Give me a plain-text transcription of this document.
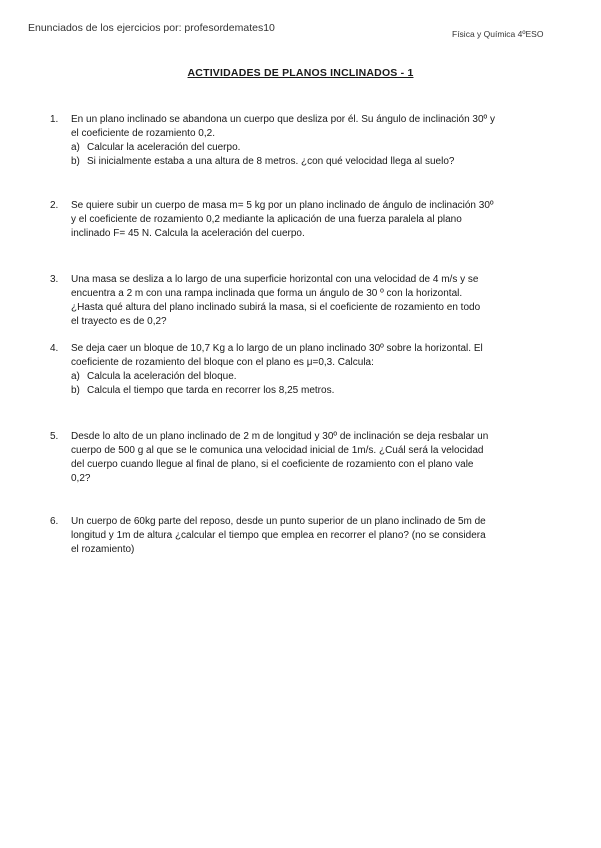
Enunciados de los ejercicios por: profesordemates10	Física y Química 4ºESO
ACTIVIDADES DE PLANOS INCLINADOS - 1
1.	En un plano inclinado se abandona un cuerpo que desliza por él. Su ángulo de inclinación 30º y
el coeficiente de rozamiento 0,2.
a) Calcular la aceleración del cuerpo.
b) Si inicialmente estaba a una altura de 8 metros. ¿con qué velocidad llega al suelo?
2.	Se quiere subir un cuerpo de masa m= 5 kg por un plano inclinado de ángulo de inclinación 30º
y el coeficiente de rozamiento 0,2 mediante la aplicación de una fuerza paralela al plano
inclinado F= 45 N. Calcula la aceleración del cuerpo.
3.	Una masa se desliza a lo largo de una superficie horizontal con una velocidad de 4 m/s y se
encuentra a 2 m con una rampa inclinada que forma un ángulo de 30 º con la horizontal.
¿Hasta qué altura del plano inclinado subirá la masa, si el coeficiente de rozamiento en todo
el trayecto es de 0,2?
4.	Se deja caer un bloque de 10,7 Kg a lo largo de un plano inclinado 30º sobre la horizontal. El
coeficiente de rozamiento del bloque con el plano es μ=0,3. Calcula:
a) Calcula la aceleración del bloque.
b) Calcula el tiempo que tarda en recorrer los 8,25 metros.
5.	Desde lo alto de un plano inclinado de 2 m de longitud y 30º de inclinación se deja resbalar un
cuerpo de 500 g al que se le comunica una velocidad inicial de 1m/s. ¿Cuál será la velocidad
del cuerpo cuando llegue al final de plano, si el coeficiente de rozamiento con el plano vale
0,2?
6.	Un cuerpo de 60kg parte del reposo, desde un punto superior de un plano inclinado de 5m de
longitud y 1m de altura ¿calcular el tiempo que emplea en recorrer el plano? (no se considera
el rozamiento)
